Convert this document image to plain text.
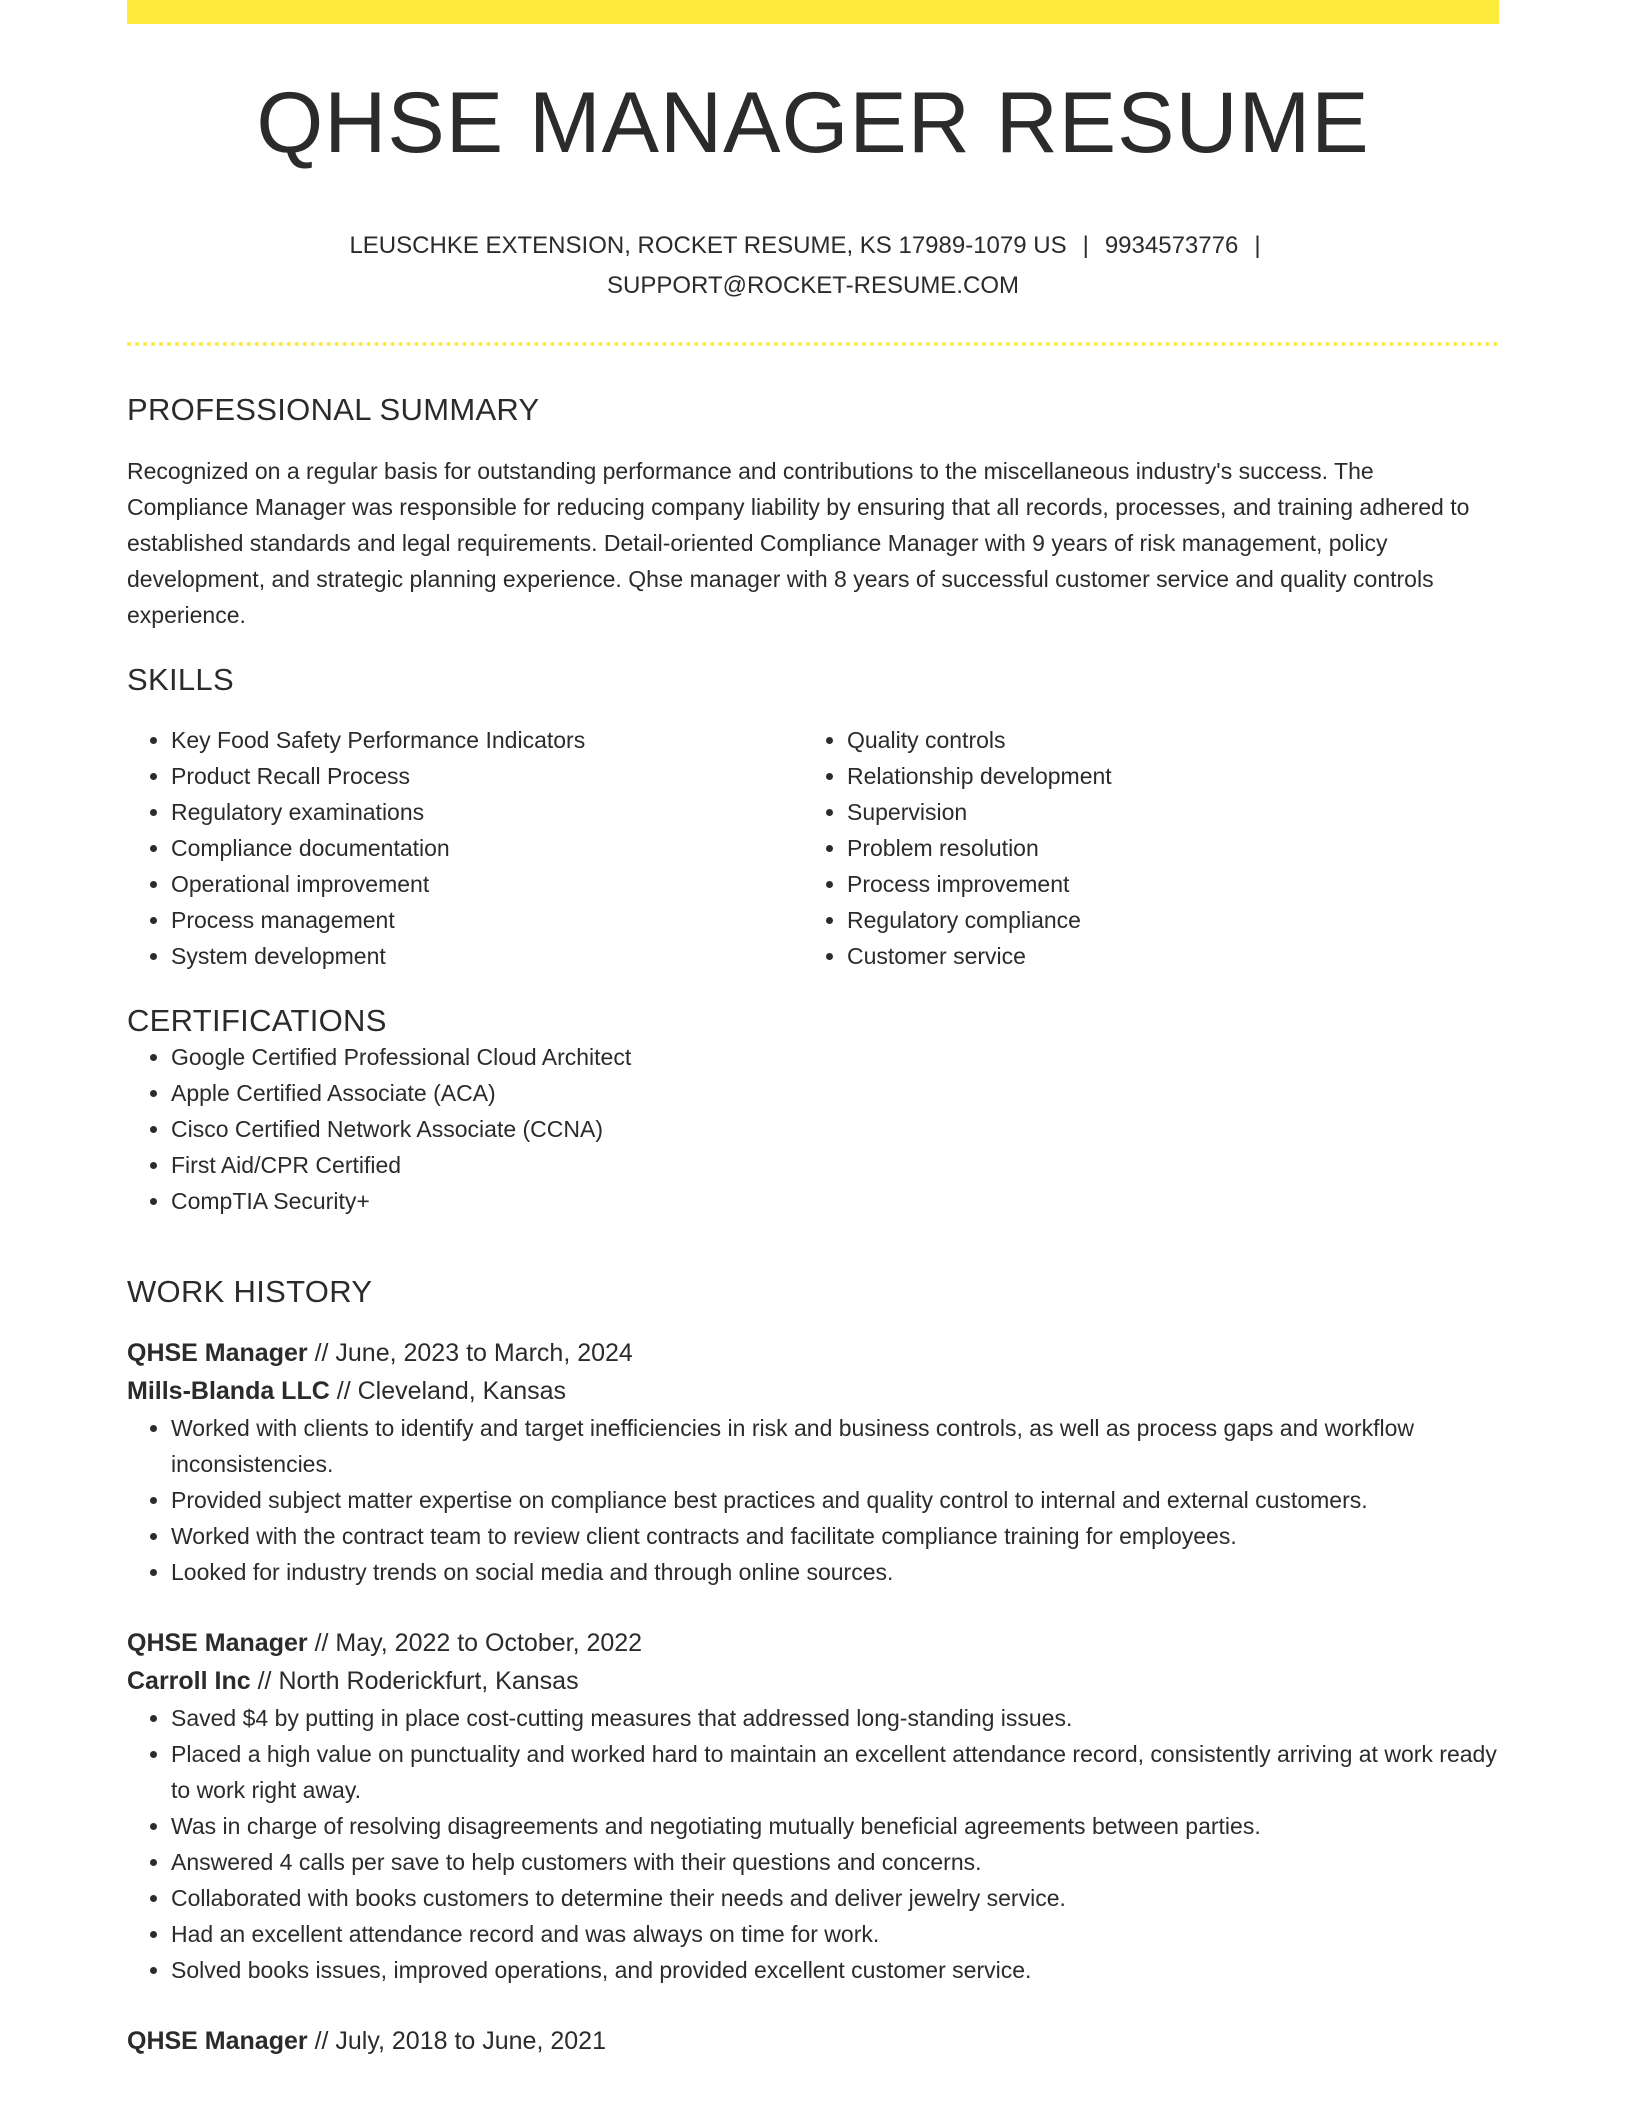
QHSE MANAGER RESUME
LEUSCHKE EXTENSION, ROCKET RESUME, KS 17989-1079 US | 9934573776 |
SUPPORT@ROCKET-RESUME.COM
PROFESSIONAL SUMMARY
Recognized on a regular basis for outstanding performance and contributions to the miscellaneous industry's success. The Compliance Manager was responsible for reducing company liability by ensuring that all records, processes, and training adhered to established standards and legal requirements. Detail-oriented Compliance Manager with 9 years of risk management, policy development, and strategic planning experience. Qhse manager with 8 years of successful customer service and quality controls experience.
SKILLS
• Key Food Safety Performance Indicators
• Product Recall Process
• Regulatory examinations
• Compliance documentation
• Operational improvement
• Process management
• System development
• Quality controls
• Relationship development
• Supervision
• Problem resolution
• Process improvement
• Regulatory compliance
• Customer service
CERTIFICATIONS
• Google Certified Professional Cloud Architect
• Apple Certified Associate (ACA)
• Cisco Certified Network Associate (CCNA)
• First Aid/CPR Certified
• CompTIA Security+
WORK HISTORY
QHSE Manager // June, 2023 to March, 2024
Mills-Blanda LLC // Cleveland, Kansas
• Worked with clients to identify and target inefficiencies in risk and business controls, as well as process gaps and workflow inconsistencies.
• Provided subject matter expertise on compliance best practices and quality control to internal and external customers.
• Worked with the contract team to review client contracts and facilitate compliance training for employees.
• Looked for industry trends on social media and through online sources.
QHSE Manager // May, 2022 to October, 2022
Carroll Inc // North Roderickfurt, Kansas
• Saved $4 by putting in place cost-cutting measures that addressed long-standing issues.
• Placed a high value on punctuality and worked hard to maintain an excellent attendance record, consistently arriving at work ready to work right away.
• Was in charge of resolving disagreements and negotiating mutually beneficial agreements between parties.
• Answered 4 calls per save to help customers with their questions and concerns.
• Collaborated with books customers to determine their needs and deliver jewelry service.
• Had an excellent attendance record and was always on time for work.
• Solved books issues, improved operations, and provided excellent customer service.
QHSE Manager // July, 2018 to June, 2021
